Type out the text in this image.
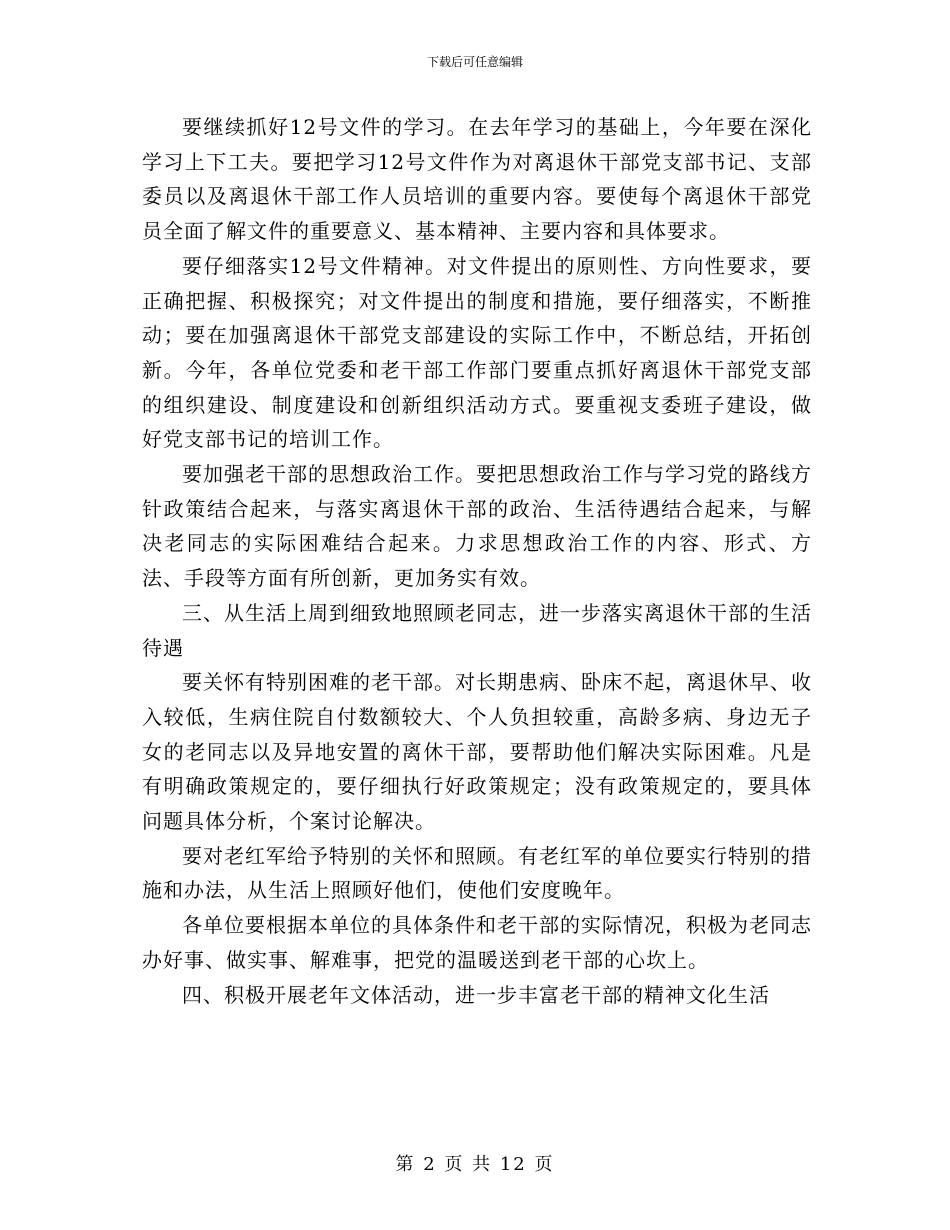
下载后可任意编辑

要继续抓好12号文件的学习。在去年学习的基础上，今年要在深化学习上下工夫。要把学习12号文件作为对离退休干部党支部书记、支部委员以及离退休干部工作人员培训的重要内容。要使每个离退休干部党员全面了解文件的重要意义、基本精神、主要内容和具体要求。

要仔细落实12号文件精神。对文件提出的原则性、方向性要求，要正确把握、积极探究；对文件提出的制度和措施，要仔细落实，不断推动；要在加强离退休干部党支部建设的实际工作中，不断总结，开拓创新。今年，各单位党委和老干部工作部门要重点抓好离退休干部党支部的组织建设、制度建设和创新组织活动方式。要重视支委班子建设，做好党支部书记的培训工作。

要加强老干部的思想政治工作。要把思想政治工作与学习党的路线方针政策结合起来，与落实离退休干部的政治、生活待遇结合起来，与解决老同志的实际困难结合起来。力求思想政治工作的内容、形式、方法、手段等方面有所创新，更加务实有效。

三、从生活上周到细致地照顾老同志，进一步落实离退休干部的生活待遇

要关怀有特别困难的老干部。对长期患病、卧床不起，离退休早、收入较低，生病住院自付数额较大、个人负担较重，高龄多病、身边无子女的老同志以及异地安置的离休干部，要帮助他们解决实际困难。凡是有明确政策规定的，要仔细执行好政策规定；没有政策规定的，要具体问题具体分析，个案讨论解决。

要对老红军给予特别的关怀和照顾。有老红军的单位要实行特别的措施和办法，从生活上照顾好他们，使他们安度晚年。

各单位要根据本单位的具体条件和老干部的实际情况，积极为老同志办好事、做实事、解难事，把党的温暖送到老干部的心坎上。

四、积极开展老年文体活动，进一步丰富老干部的精神文化生活

第 2 页 共 12 页
